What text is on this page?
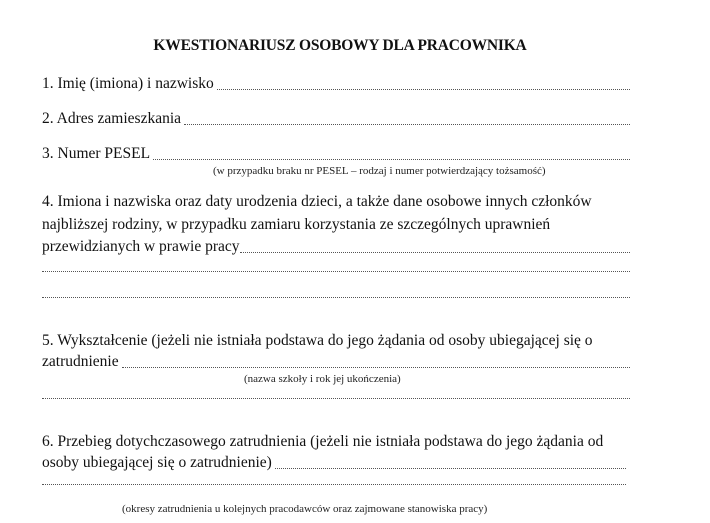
KWESTIONARIUSZ OSOBOWY DLA PRACOWNIKA
1. Imię (imiona) i nazwisko
2. Adres zamieszkania
3. Numer PESEL
(w przypadku braku nr PESEL – rodzaj i numer potwierdzający tożsamość)
4. Imiona i nazwiska oraz daty urodzenia dzieci, a także dane osobowe innych członków
najbliższej rodziny, w przypadku zamiaru korzystania ze szczególnych uprawnień
przewidzianych w prawie pracy
5. Wykształcenie (jeżeli nie istniała podstawa do jego żądania od osoby ubiegającej się o
zatrudnienie
(nazwa szkoły i rok jej ukończenia)
6. Przebieg dotychczasowego zatrudnienia (jeżeli nie istniała podstawa do jego żądania od
osoby ubiegającej się o zatrudnienie)
(okresy zatrudnienia u kolejnych pracodawców oraz zajmowane stanowiska pracy)
